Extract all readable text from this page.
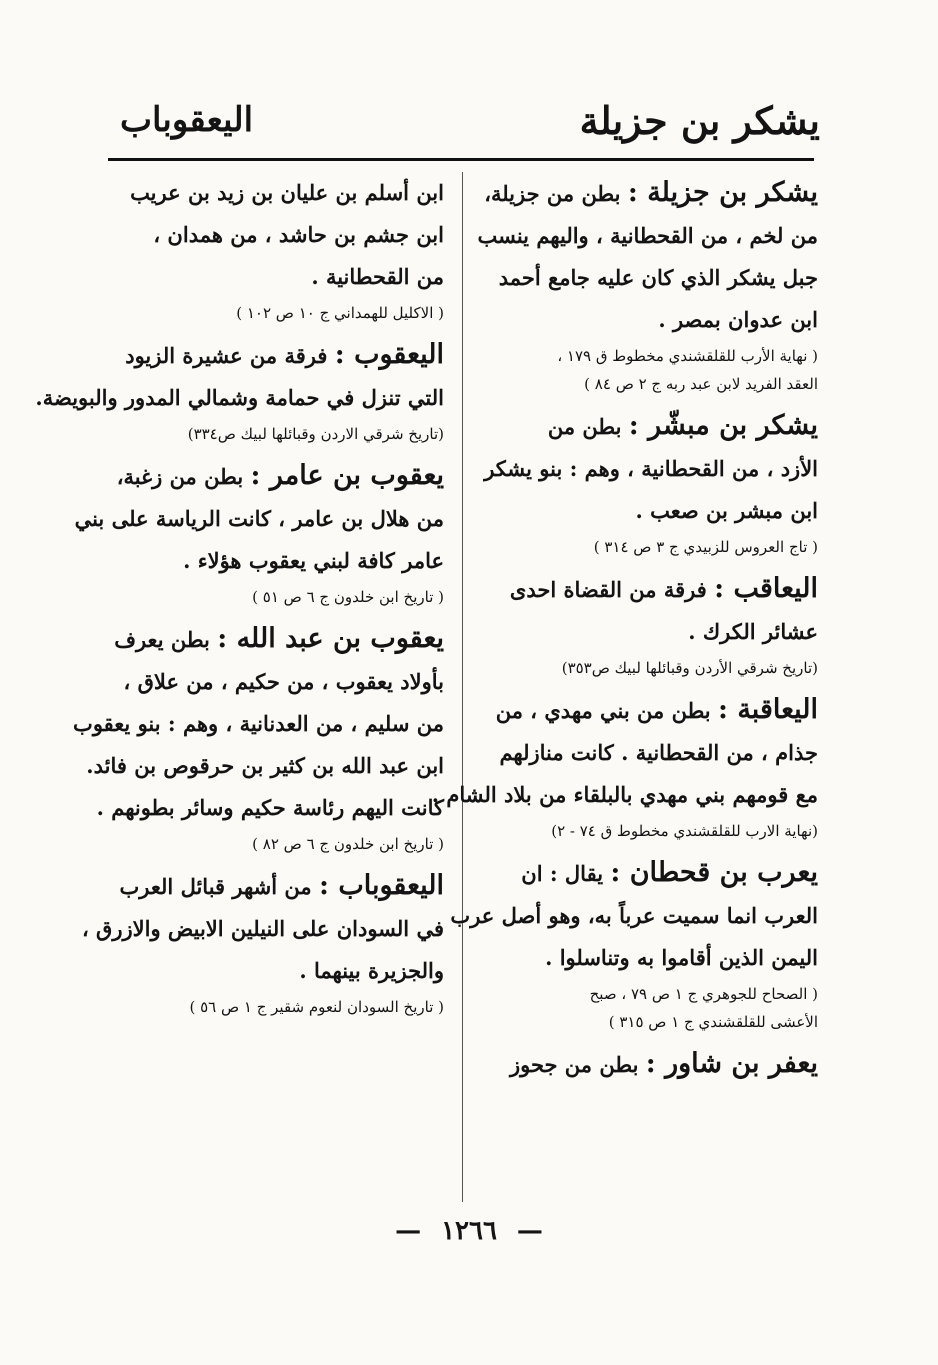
يشكر بن جزيلة
اليعقوباب
يشكر بن جزيلة : بطن من جزيلة،
من لخم ، من القحطانية ، واليهم ينسب
جبل يشكر الذي كان عليه جامع أحمد
ابن عدوان بمصر .
( نهاية الأرب للقلقشندي مخطوط ق ١٧٩ ،
العقد الفريد لابن عبد ربه ج ٢ ص ٨٤ )
يشكر بن مبشّر : بطن من
الأزد ، من القحطانية ، وهم : بنو يشكر
ابن مبشر بن صعب .
( تاج العروس للزبيدي ج ٣ ص ٣١٤ )
اليعاقب : فرقة من القضاة احدى
عشائر الكرك .
(تاريخ شرقي الأردن وقبائلها لبيك ص٣٥٣)
اليعاقبة : بطن من بني مهدي ، من
جذام ، من القحطانية . كانت منازلهم
مع قومهم بني مهدي بالبلقاء من بلاد الشام .
(نهاية الارب للقلقشندي مخطوط ق ٧٤ - ٢)
يعرب بن قحطان : يقال : ان
العرب انما سميت عرباً به، وهو أصل عرب
اليمن الذين أقاموا به وتناسلوا .
( الصحاح للجوهري ج ١ ص ٧٩ ، صبح
الأعشى للقلقشندي ج ١ ص ٣١٥ )
يعفر بن شاور : بطن من جحوز
ابن أسلم بن عليان بن زيد بن عريب
ابن جشم بن حاشد ، من همدان ،
من القحطانية .
( الاكليل للهمداني ج ١٠ ص ١٠٢ )
اليعقوب : فرقة من عشيرة الزيود
التي تنزل في حمامة وشمالي المدور والبويضة.
(تاريخ شرقي الاردن وقبائلها لبيك ص٣٣٤)
يعقوب بن عامر : بطن من زغبة،
من هلال بن عامر ، كانت الرياسة على بني
عامر كافة لبني يعقوب هؤلاء .
( تاريخ ابن خلدون ج ٦ ص ٥١ )
يعقوب بن عبد الله : بطن يعرف
بأولاد يعقوب ، من حكيم ، من علاق ،
من سليم ، من العدنانية ، وهم : بنو يعقوب
ابن عبد الله بن كثير بن حرقوص بن فائد.
كانت اليهم رئاسة حكيم وسائر بطونهم .
( تاريخ ابن خلدون ج ٦ ص ٨٢ )
اليعقوباب : من أشهر قبائل العرب
في السودان على النيلين الابيض والازرق ،
والجزيرة بينهما .
( تاريخ السودان لنعوم شقير ج ١ ص ٥٦ )
—١٢٦٦—
